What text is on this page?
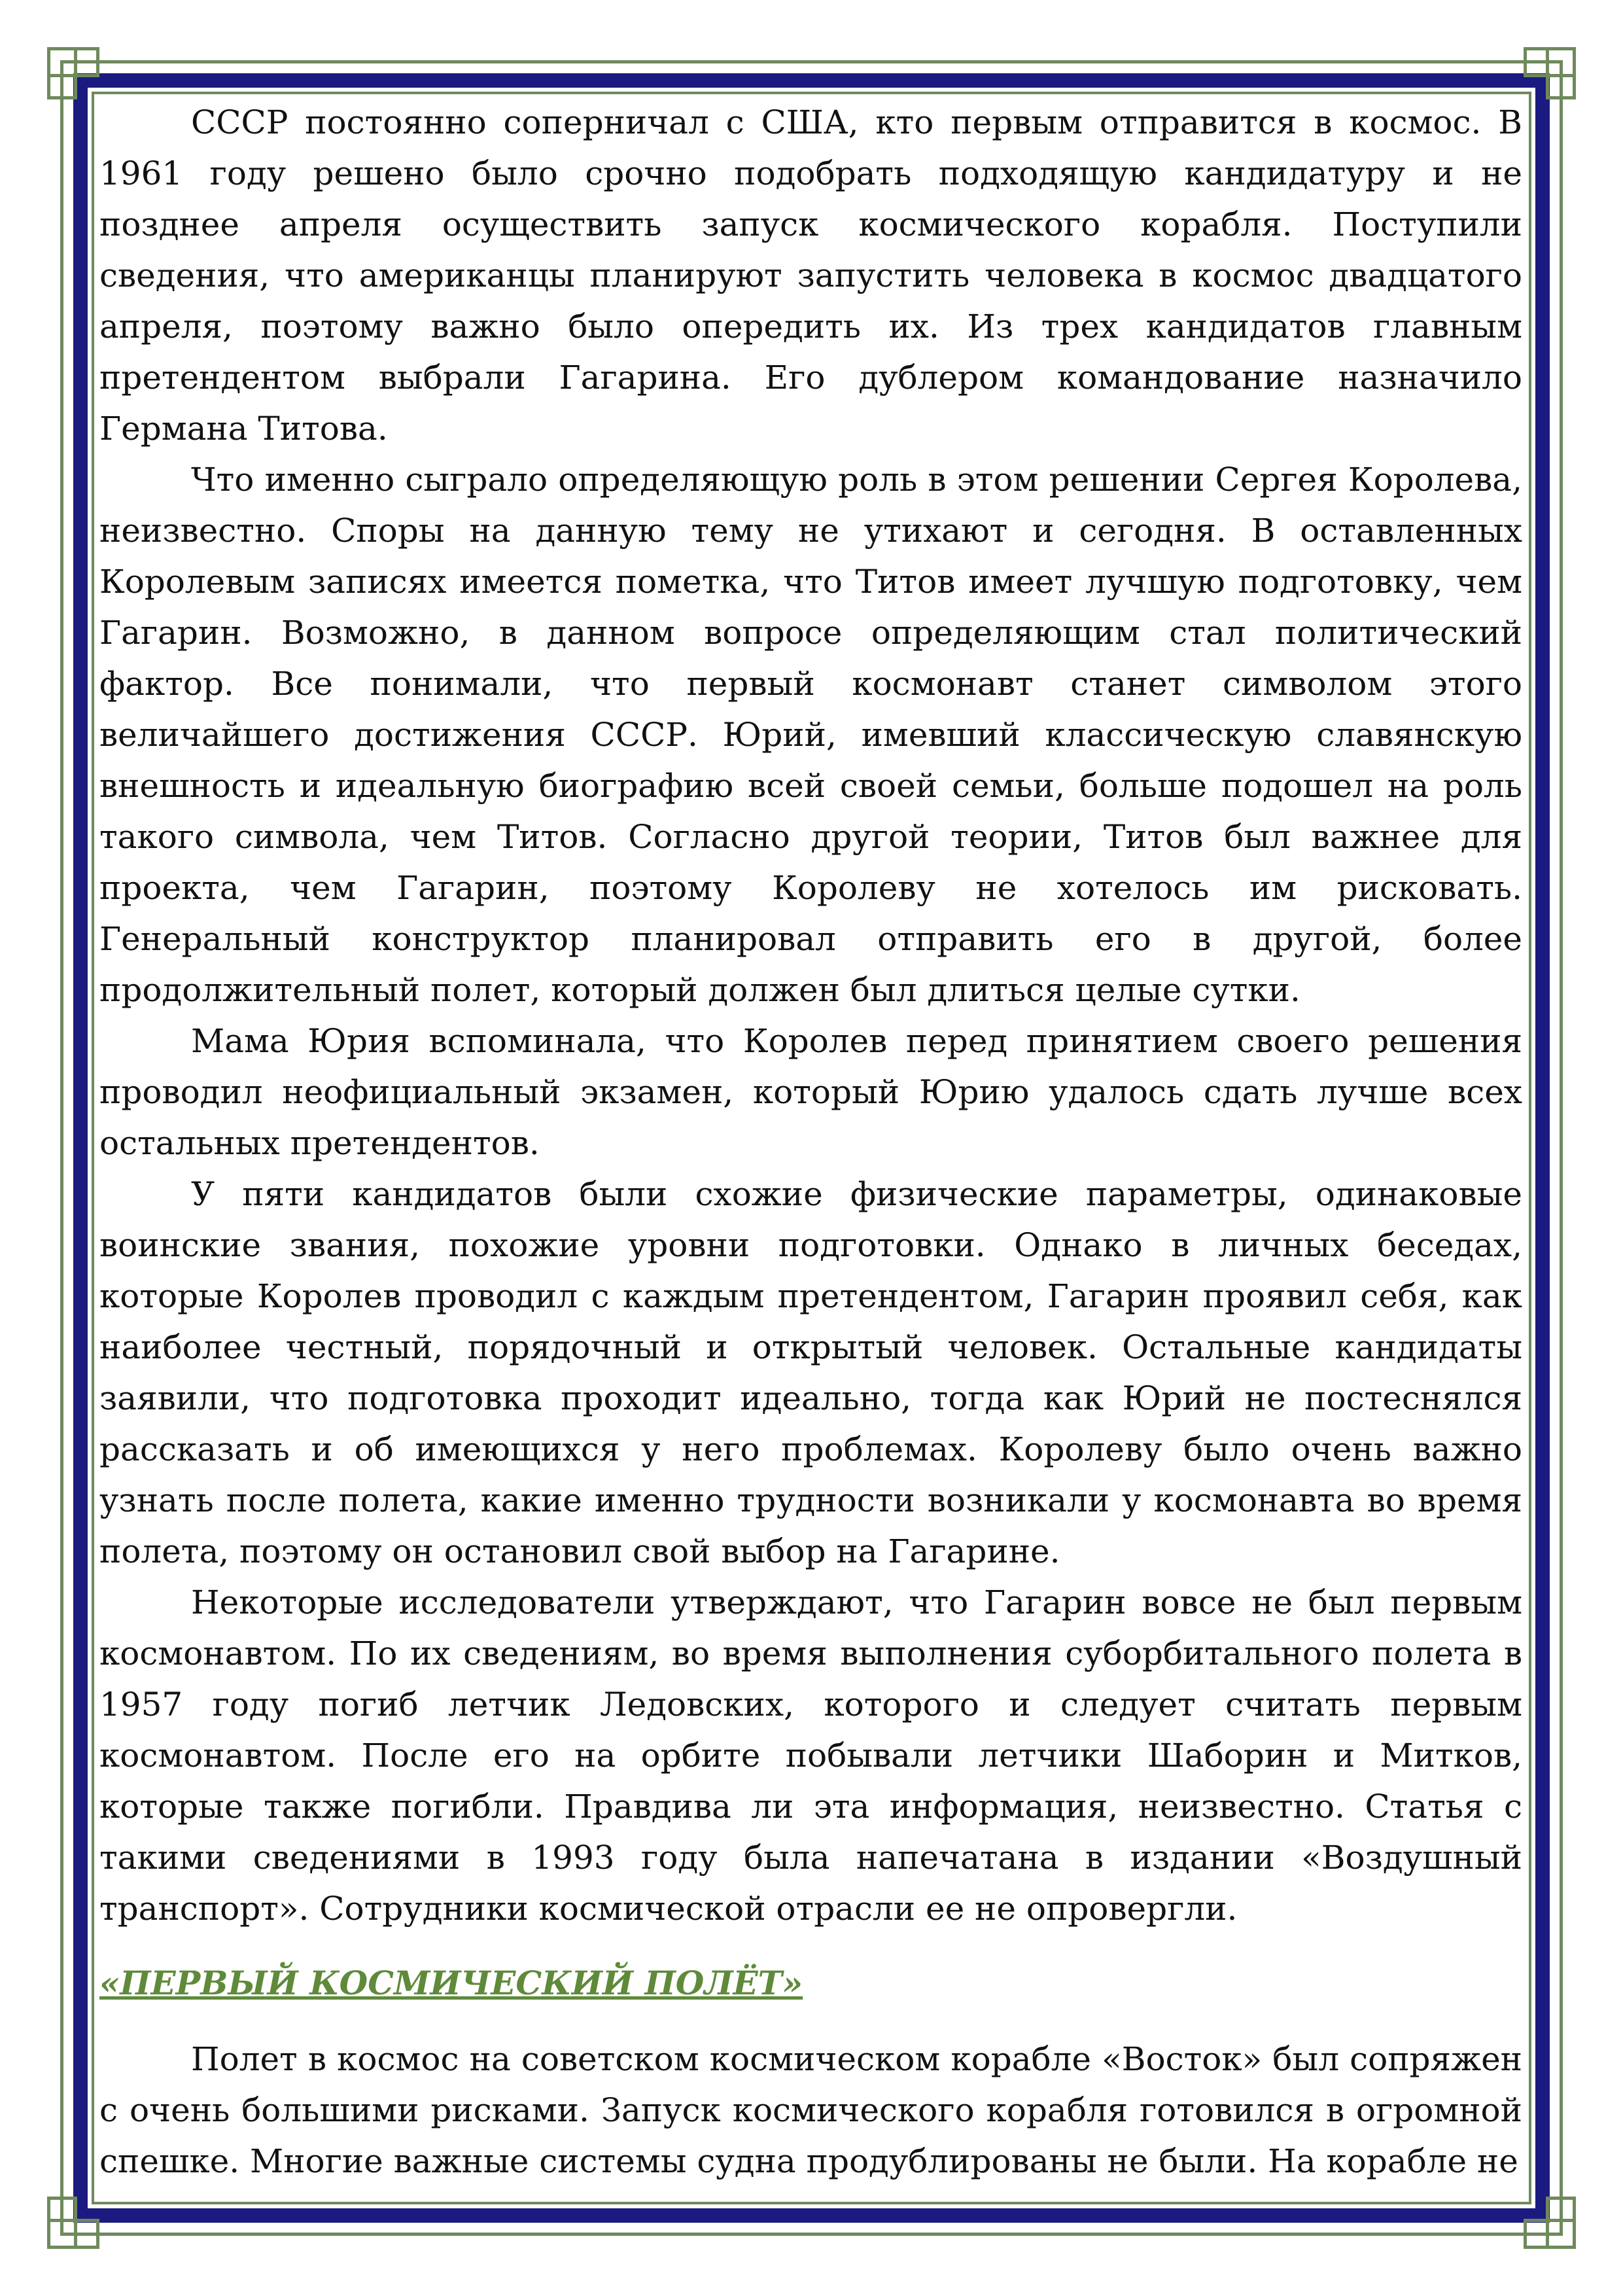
СССР постоянно соперничал с США, кто первым отправится в космос. В 1961 году решено было срочно подобрать подходящую кандидатуру и не позднее апреля осуществить запуск космического корабля. Поступили сведения, что американцы планируют запустить человека в космос двадцатого апреля, поэтому важно было опередить их. Из трех кандидатов главным претендентом выбрали Гагарина. Его дублером командование назначило Германа Титова.

Что именно сыграло определяющую роль в этом решении Сергея Королева, неизвестно. Споры на данную тему не утихают и сегодня. В оставленных Королевым записях имеется пометка, что Титов имеет лучшую подготовку, чем Гагарин. Возможно, в данном вопросе определяющим стал политический фактор. Все понимали, что первый космонавт станет символом этого величайшего достижения СССР. Юрий, имевший классическую славянскую внешность и идеальную биографию всей своей семьи, больше подошел на роль такого символа, чем Титов. Согласно другой теории, Титов был важнее для проекта, чем Гагарин, поэтому Королеву не хотелось им рисковать. Генеральный конструктор планировал отправить его в другой, более продолжительный полет, который должен был длиться целые сутки.

Мама Юрия вспоминала, что Королев перед принятием своего решения проводил неофициальный экзамен, который Юрию удалось сдать лучше всех остальных претендентов.

У пяти кандидатов были схожие физические параметры, одинаковые воинские звания, похожие уровни подготовки. Однако в личных беседах, которые Королев проводил с каждым претендентом, Гагарин проявил себя, как наиболее честный, порядочный и открытый человек. Остальные кандидаты заявили, что подготовка проходит идеально, тогда как Юрий не постеснялся рассказать и об имеющихся у него проблемах. Королеву было очень важно узнать после полета, какие именно трудности возникали у космонавта во время полета, поэтому он остановил свой выбор на Гагарине.

Некоторые исследователи утверждают, что Гагарин вовсе не был первым космонавтом. По их сведениям, во время выполнения суборбитального полета в 1957 году погиб летчик Ледовских, которого и следует считать первым космонавтом. После его на орбите побывали летчики Шаборин и Митков, которые также погибли. Правдива ли эта информация, неизвестно. Статья с такими сведениями в 1993 году была напечатана в издании «Воздушный транспорт». Сотрудники космической отрасли ее не опровергли.

«ПЕРВЫЙ КОСМИЧЕСКИЙ ПОЛЁТ»

Полет в космос на советском космическом корабле «Восток» был сопряжен с очень большими рисками. Запуск космического корабля готовился в огромной спешке. Многие важные системы судна продублированы не были. На корабле не
